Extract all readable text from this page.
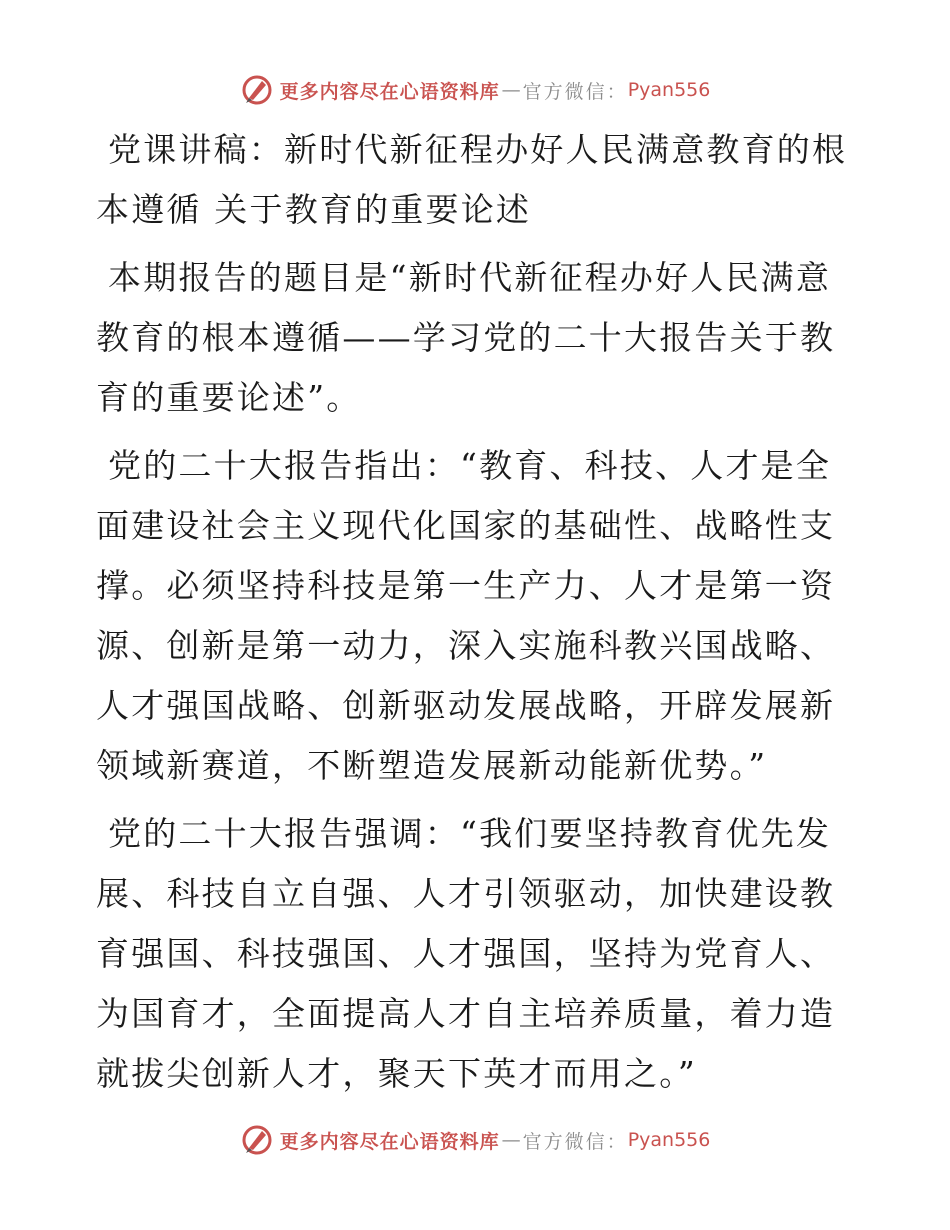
更多内容尽在心语资料库 — 官方微信： Pyan556
党课讲稿：新时代新征程办好人民满意教育的根本遵循 关于教育的重要论述

本期报告的题目是“新时代新征程办好人民满意教育的根本遵循——学习党的二十大报告关于教育的重要论述”。

党的二十大报告指出：“教育、科技、人才是全面建设社会主义现代化国家的基础性、战略性支撑。必须坚持科技是第一生产力、人才是第一资源、创新是第一动力，深入实施科教兴国战略、人才强国战略、创新驱动发展战略，开辟发展新领域新赛道，不断塑造发展新动能新优势。”

党的二十大报告强调：“我们要坚持教育优先发展、科技自立自强、人才引领驱动，加快建设教育强国、科技强国、人才强国，坚持为党育人、为国育才，全面提高人才自主培养质量，着力造就拔尖创新人才，聚天下英才而用之。”

更多内容尽在心语资料库 — 官方微信： Pyan556
